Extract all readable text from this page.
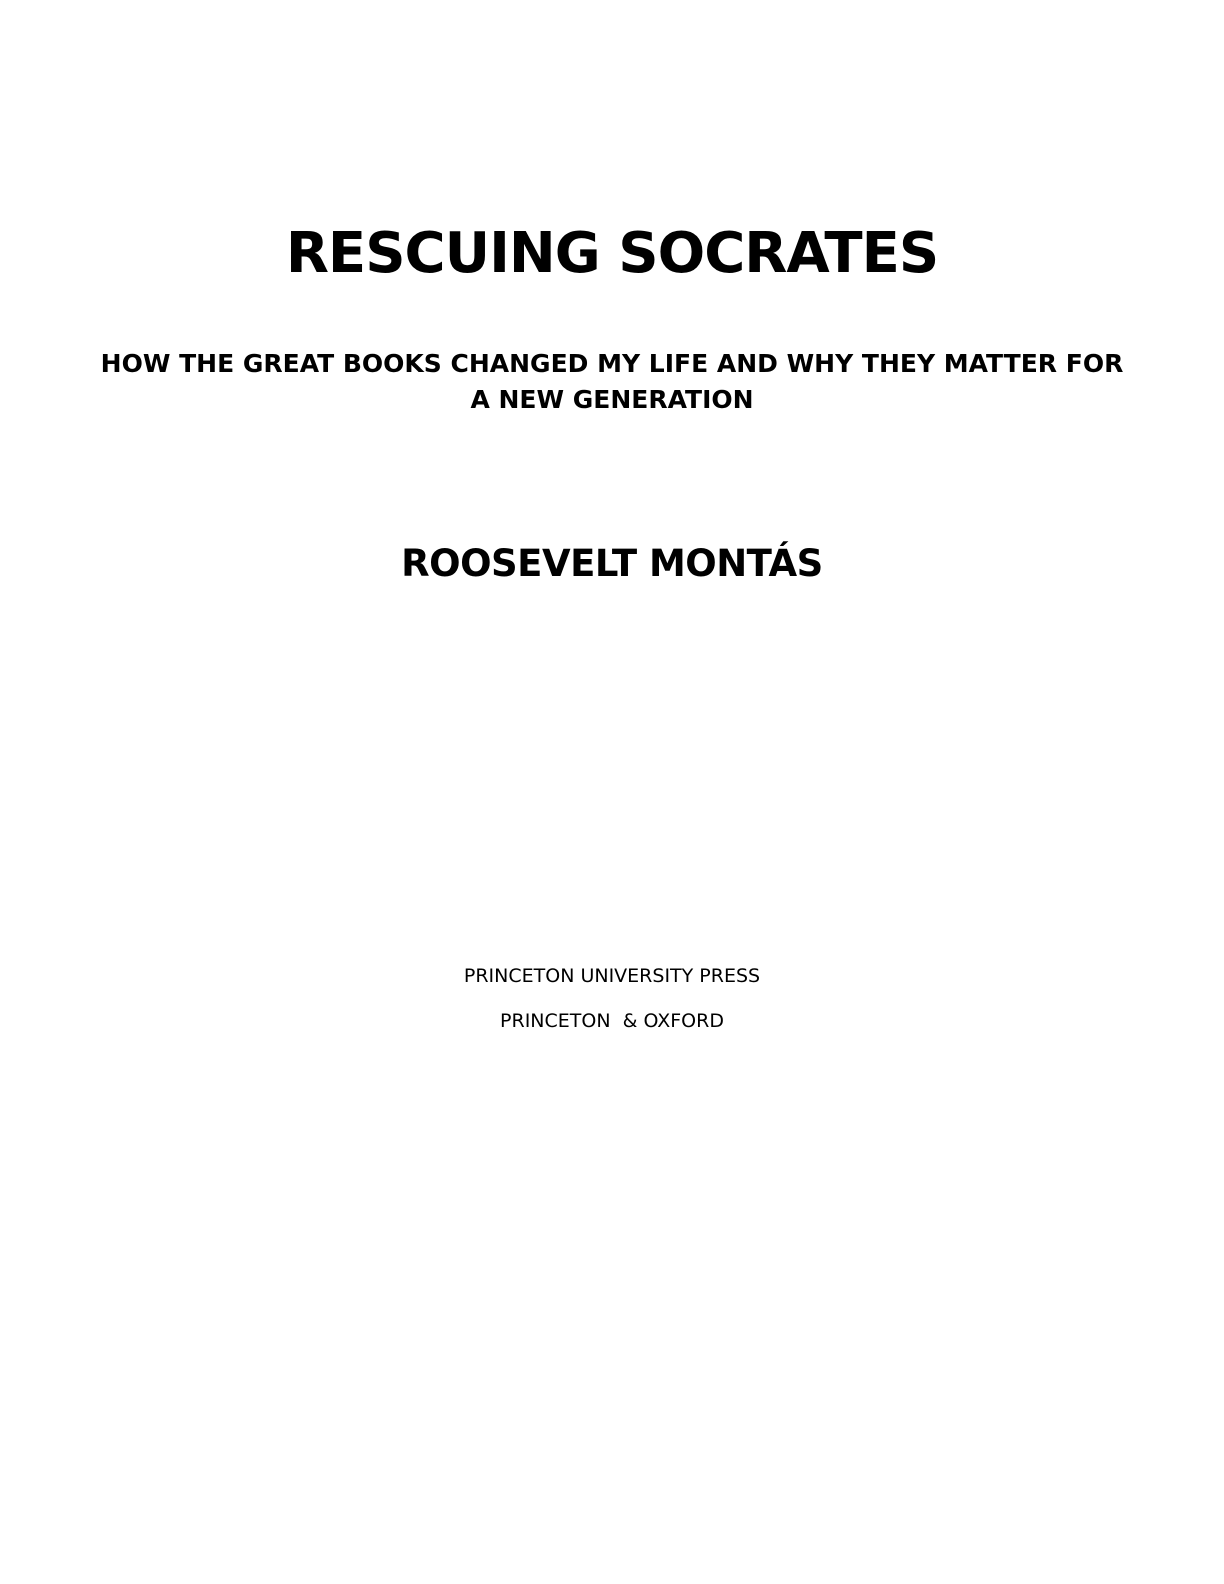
RESCUING SOCRATES
HOW THE GREAT BOOKS CHANGED MY LIFE AND WHY THEY MATTER FOR
A NEW GENERATION
ROOSEVELT MONTÁS

PRINCETON UNIVERSITY PRESS

PRINCETON  & OXFORD
